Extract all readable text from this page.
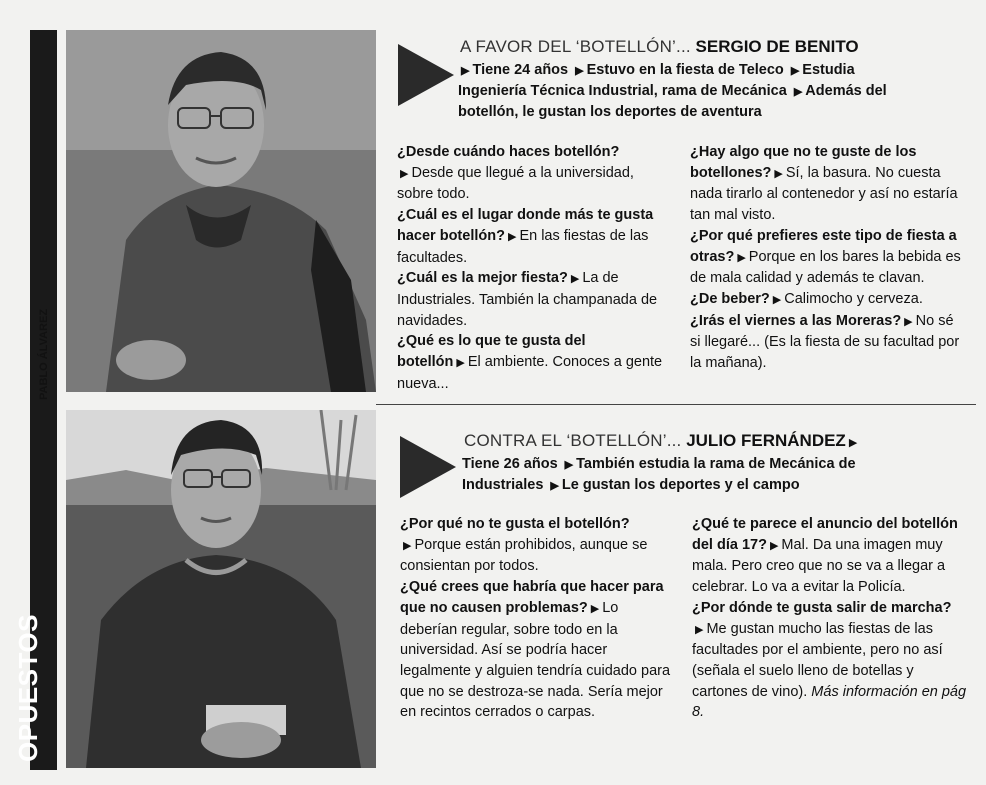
OPUESTOS
PABLO ÁLVAREZ
A FAVOR DEL ‘BOTELLÓN’... SERGIO DE BENITO
▶ Tiene 24 años ▶ Estuvo en la fiesta de Teleco ▶ Estudia Ingeniería Técnica Industrial, rama de Mecánica ▶ Además del botellón, le gustan los deportes de aventura

¿Desde cuándo haces botellón?▶ Desde que llegué a la universidad, sobre todo.

¿Cuál es el lugar donde más te gusta hacer botellón? ▶ En las fiestas de las facultades.

¿Cuál es la mejor fiesta? ▶ La de Industriales. También la champanada de navidades.

¿Qué es lo que te gusta del botellón ▶ El ambiente. Conoces a gente nueva...

¿Hay algo que no te guste de los botellones? ▶ Sí, la basura. No cuesta nada tirarlo al contenedor y así no estaría tan mal visto.

¿Por qué prefieres este tipo de fiesta a otras? ▶ Porque en los bares la bebida es de mala calidad y además te clavan.

¿De beber? ▶ Calimocho y cerveza.

¿Irás el viernes a las Moreras? ▶ No sé si llegaré... (Es la fiesta de su facultad por la mañana).

CONTRA EL ‘BOTELLÓN’... JULIO FERNÁNDEZ ▶
Tiene 26 años ▶ También estudia la rama de Mecánica de Industriales ▶ Le gustan los deportes y el campo

¿Por qué no te gusta el botellón?▶ Porque están prohibidos, aunque se consientan por todos.

¿Qué crees que habría que hacer para que no causen problemas? ▶ Lo deberían regular, sobre todo en la universidad. Así se podría hacer legalmente y alguien tendría cuidado para que no se destroza-se nada. Sería mejor en recintos cerrados o carpas.

¿Qué te parece el anuncio del botellón del día 17? ▶ Mal. Da una imagen muy mala. Pero creo que no se va a llegar a celebrar. Lo va a evitar la Policía.

¿Por dónde te gusta salir de marcha?▶ Me gustan mucho las fiestas de las facultades por el ambiente, pero no así (señala el suelo lleno de botellas y cartones de vino). Más información en pág 8.
